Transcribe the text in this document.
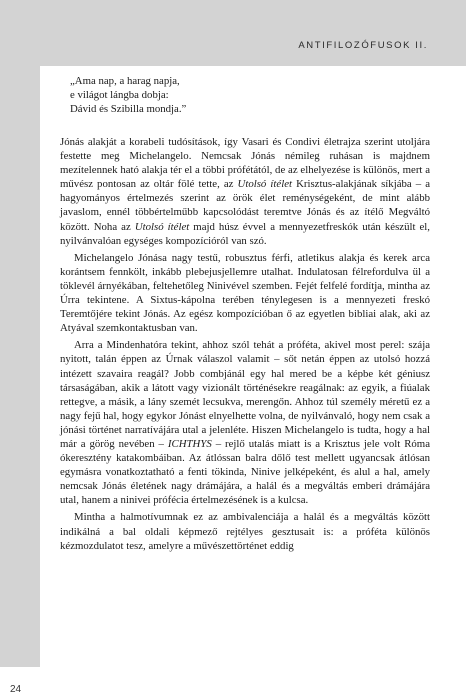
ANTIFILOZÓFUSOK II.
24
„Ama nap, a harag napja,
e világot lángba dobja:
Dávid és Szibilla mondja.”

Jónás alakját a korabeli tudósítások, így Vasari és Condivi életrajza szerint utoljára festette meg Michelangelo. Nemcsak Jónás némileg ruhásan is majdnem mezítelennek ható alakja tér el a többi prófétától, de az elhelyezése is különös, mert a művész pontosan az oltár fölé tette, az Utolsó ítélet Krisztus-alakjának síkjába – a hagyományos értelmezés szerint az örök élet reménységeként, de mint alább javaslom, ennél többértelműbb kapcsolódást teremtve Jónás és az ítélő Megváltó között. Noha az Utolsó ítélet majd húsz évvel a mennyezetfreskók után készült el, nyilvánvalóan egységes kompozícióról van szó.

Michelangelo Jónása nagy testű, robusztus férfi, atletikus alakja és kerek arca korántsem fennkölt, inkább plebejusjellemre utalhat. Indulatosan félrefordulva ül a töklevél árnyékában, feltehetőleg Ninivével szemben. Fejét felfelé fordítja, mintha az Úrra tekintene. A Sixtus-kápolna terében ténylegesen is a mennyezeti freskó Teremtőjére tekint Jónás. Az egész kompozícióban ő az egyetlen bibliai alak, aki az Atyával szemkontaktusban van.

Arra a Mindenhatóra tekint, ahhoz szól tehát a próféta, akivel most perel: szája nyitott, talán éppen az Úrnak válaszol valamit – sőt netán éppen az utolsó hozzá intézett szavaira reagál? Jobb combjánál egy hal mered be a képbe két géniusz társaságában, akik a látott vagy vizionált történésekre reagálnak: az egyik, a fiúalak rettegve, a másik, a lány szemét lecsukva, merengőn. Ahhoz túl személy méretű ez a nagy fejű hal, hogy egykor Jónást elnyelhette volna, de nyilvánvaló, hogy nem csak a jónási történet narratívájára utal a jelenléte. Hiszen Michelangelo is tudta, hogy a hal már a görög nevében – ICHTHYS – rejlő utalás miatt is a Krisztus jele volt Róma ókeresztény katakombáiban. Az átlóssan balra dőlő test mellett ugyancsak átlósan egymásra vonatkoztatható a fenti tökinda, Ninive jelképeként, és alul a hal, amely nemcsak Jónás életének nagy drámájára, a halál és a megváltás emberi drámájára utal, hanem a ninivei prófécia értelmezésének is a kulcsa.

Mintha a halmotívumnak ez az ambivalenciája a halál és a megváltás között indikálná a bal oldali képmező rejtélyes gesztusait is: a próféta különös kézmozdulatot tesz, amelyre a művészettörténet eddig
